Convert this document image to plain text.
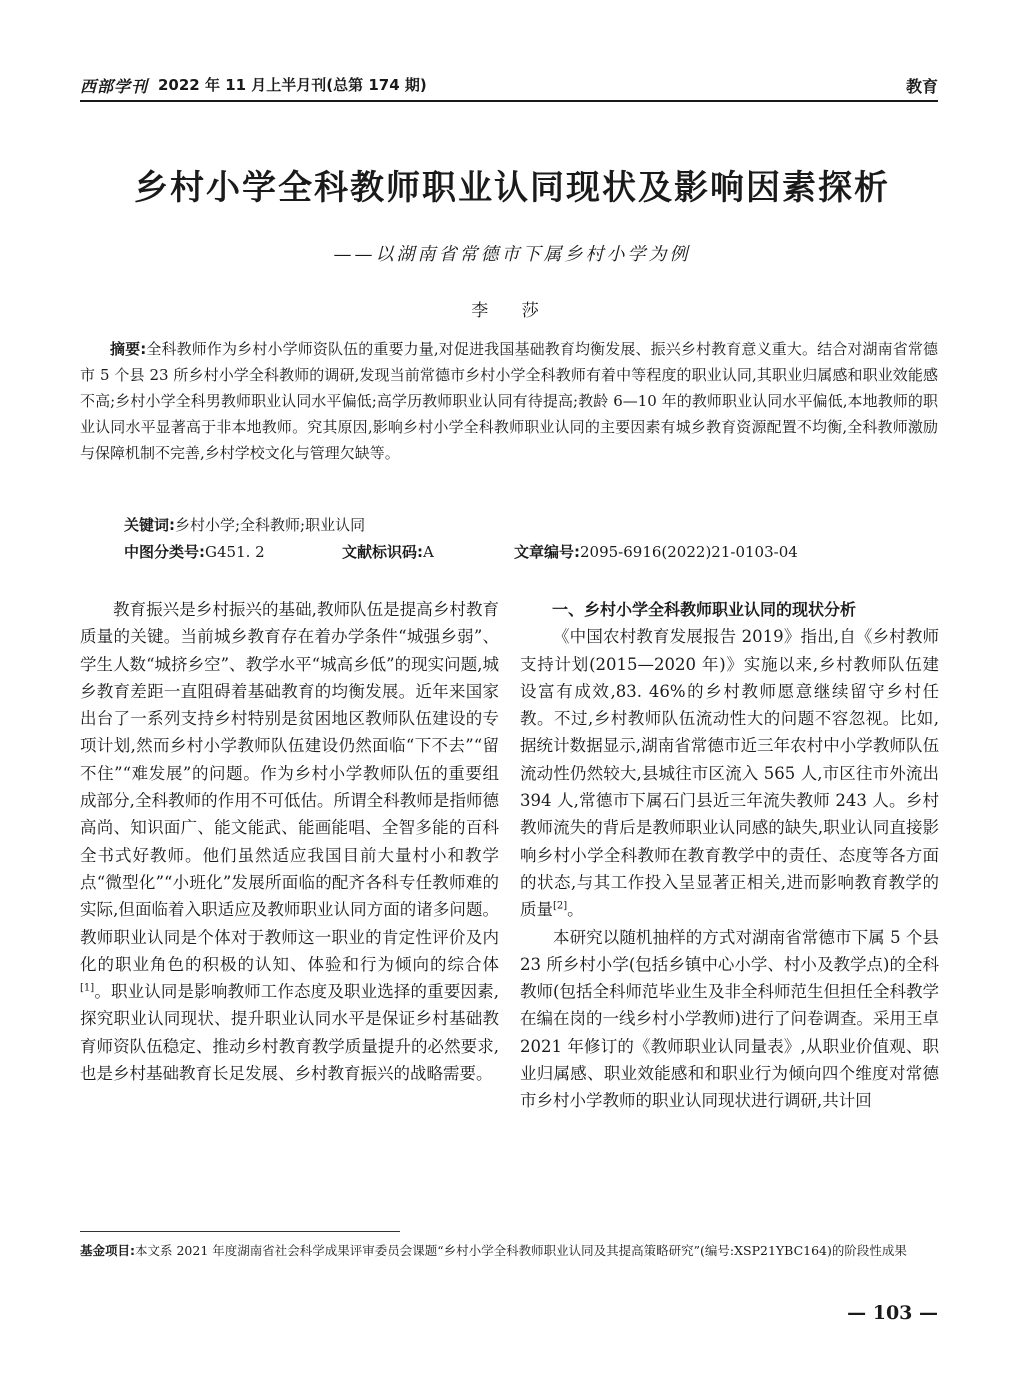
西部学刊 2022 年 11 月上半月刊(总第 174 期)	教育
乡村小学全科教师职业认同现状及影响因素探析
——以湖南省常德市下属乡村小学为例
李 莎
摘要:全科教师作为乡村小学师资队伍的重要力量,对促进我国基础教育均衡发展、振兴乡村教育意义重大。结合对湖南省常德市 5 个县 23 所乡村小学全科教师的调研,发现当前常德市乡村小学全科教师有着中等程度的职业认同,其职业归属感和职业效能感不高;乡村小学全科男教师职业认同水平偏低;高学历教师职业认同有待提高;教龄 6—10 年的教师职业认同水平偏低,本地教师的职业认同水平显著高于非本地教师。究其原因,影响乡村小学全科教师职业认同的主要因素有城乡教育资源配置不均衡,全科教师激励与保障机制不完善,乡村学校文化与管理欠缺等。
关键词:乡村小学;全科教师;职业认同
中图分类号:G451. 2	文献标识码:A	文章编号:2095-6916(2022)21-0103-04

教育振兴是乡村振兴的基础,教师队伍是提高乡村教育质量的关键。当前城乡教育存在着办学条件“城强乡弱”、学生人数“城挤乡空”、教学水平“城高乡低”的现实问题,城乡教育差距一直阻碍着基础教育的均衡发展。近年来国家出台了一系列支持乡村特别是贫困地区教师队伍建设的专项计划,然而乡村小学教师队伍建设仍然面临“下不去”“留不住”“难发展”的问题。作为乡村小学教师队伍的重要组成部分,全科教师的作用不可低估。所谓全科教师是指师德高尚、知识面广、能文能武、能画能唱、全智多能的百科全书式好教师。他们虽然适应我国目前大量村小和教学点“微型化”“小班化”发展所面临的配齐各科专任教师难的实际,但面临着入职适应及教师职业认同方面的诸多问题。教师职业认同是个体对于教师这一职业的肯定性评价及内化的职业角色的积极的认知、体验和行为倾向的综合体[1]。职业认同是影响教师工作态度及职业选择的重要因素,探究职业认同现状、提升职业认同水平是保证乡村基础教育师资队伍稳定、推动乡村教育教学质量提升的必然要求,也是乡村基础教育长足发展、乡村教育振兴的战略需要。

一、乡村小学全科教师职业认同的现状分析

《中国农村教育发展报告 2019》指出,自《乡村教师支持计划(2015—2020 年)》实施以来,乡村教师队伍建设富有成效,83. 46%的乡村教师愿意继续留守乡村任教。不过,乡村教师队伍流动性大的问题不容忽视。比如,据统计数据显示,湖南省常德市近三年农村中小学教师队伍流动性仍然较大,县城往市区流入 565 人,市区往市外流出 394 人,常德市下属石门县近三年流失教师 243 人。乡村教师流失的背后是教师职业认同感的缺失,职业认同直接影响乡村小学全科教师在教育教学中的责任、态度等各方面的状态,与其工作投入呈显著正相关,进而影响教育教学的质量[2]。

本研究以随机抽样的方式对湖南省常德市下属 5 个县 23 所乡村小学(包括乡镇中心小学、村小及教学点)的全科教师(包括全科师范毕业生及非全科师范生但担任全科教学在编在岗的一线乡村小学教师)进行了问卷调查。采用王卓 2021 年修订的《教师职业认同量表》,从职业价值观、职业归属感、职业效能感和和职业行为倾向四个维度对常德市乡村小学教师的职业认同现状进行调研,共计回

基金项目:本文系 2021 年度湖南省社会科学成果评审委员会课题“乡村小学全科教师职业认同及其提高策略研究”(编号:XSP21YBC164)的阶段性成果
— 103 —
